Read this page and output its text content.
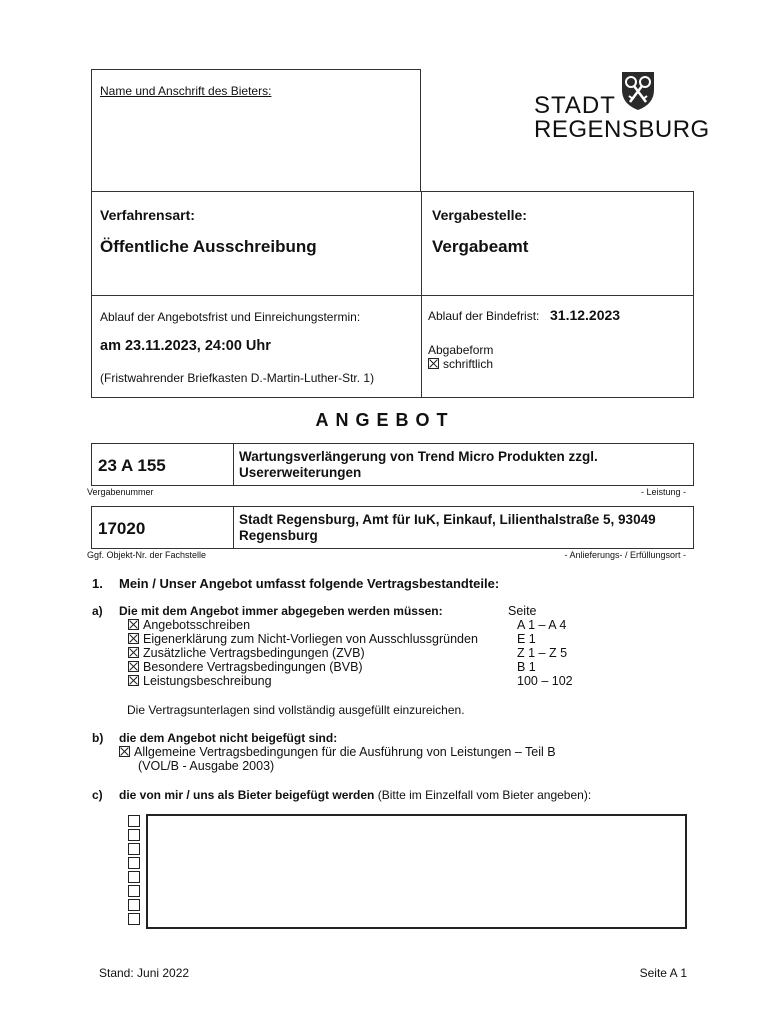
Name und Anschrift des Bieters:
STADT
REGENSBURG
Verfahrensart:
Öffentliche Ausschreibung
Vergabestelle:
Vergabeamt
Ablauf der Angebotsfrist und Einreichungstermin:
am 23.11.2023, 24:00 Uhr
(Fristwahrender Briefkasten D.-Martin-Luther-Str. 1)
Ablauf der Bindefrist: 31.12.2023
Abgabeform
schriftlich
ANGEBOT
23 A 155	Wartungsverlängerung von Trend Micro Produkten zzgl. Usererweiterungen
Vergabenummer	- Leistung -
17020	Stadt Regensburg, Amt für IuK, Einkauf, Lilienthalstraße 5, 93049 Regensburg
Ggf. Objekt-Nr. der Fachstelle	- Anlieferungs- / Erfüllungsort -
1. Mein / Unser Angebot umfasst folgende Vertragsbestandteile:
a) Die mit dem Angebot immer abgegeben werden müssen:	Seite
Angebotsschreiben	A 1 – A 4
Eigenerklärung zum Nicht-Vorliegen von Ausschlussgründen	E 1
Zusätzliche Vertragsbedingungen (ZVB)	Z 1 – Z 5
Besondere Vertragsbedingungen (BVB)	B 1
Leistungsbeschreibung	100 – 102
Die Vertragsunterlagen sind vollständig ausgefüllt einzureichen.
b) die dem Angebot nicht beigefügt sind:
Allgemeine Vertragsbedingungen für die Ausführung von Leistungen – Teil B
(VOL/B - Ausgabe 2003)
c) die von mir / uns als Bieter beigefügt werden (Bitte im Einzelfall vom Bieter angeben):
Stand: Juni 2022	Seite A 1
